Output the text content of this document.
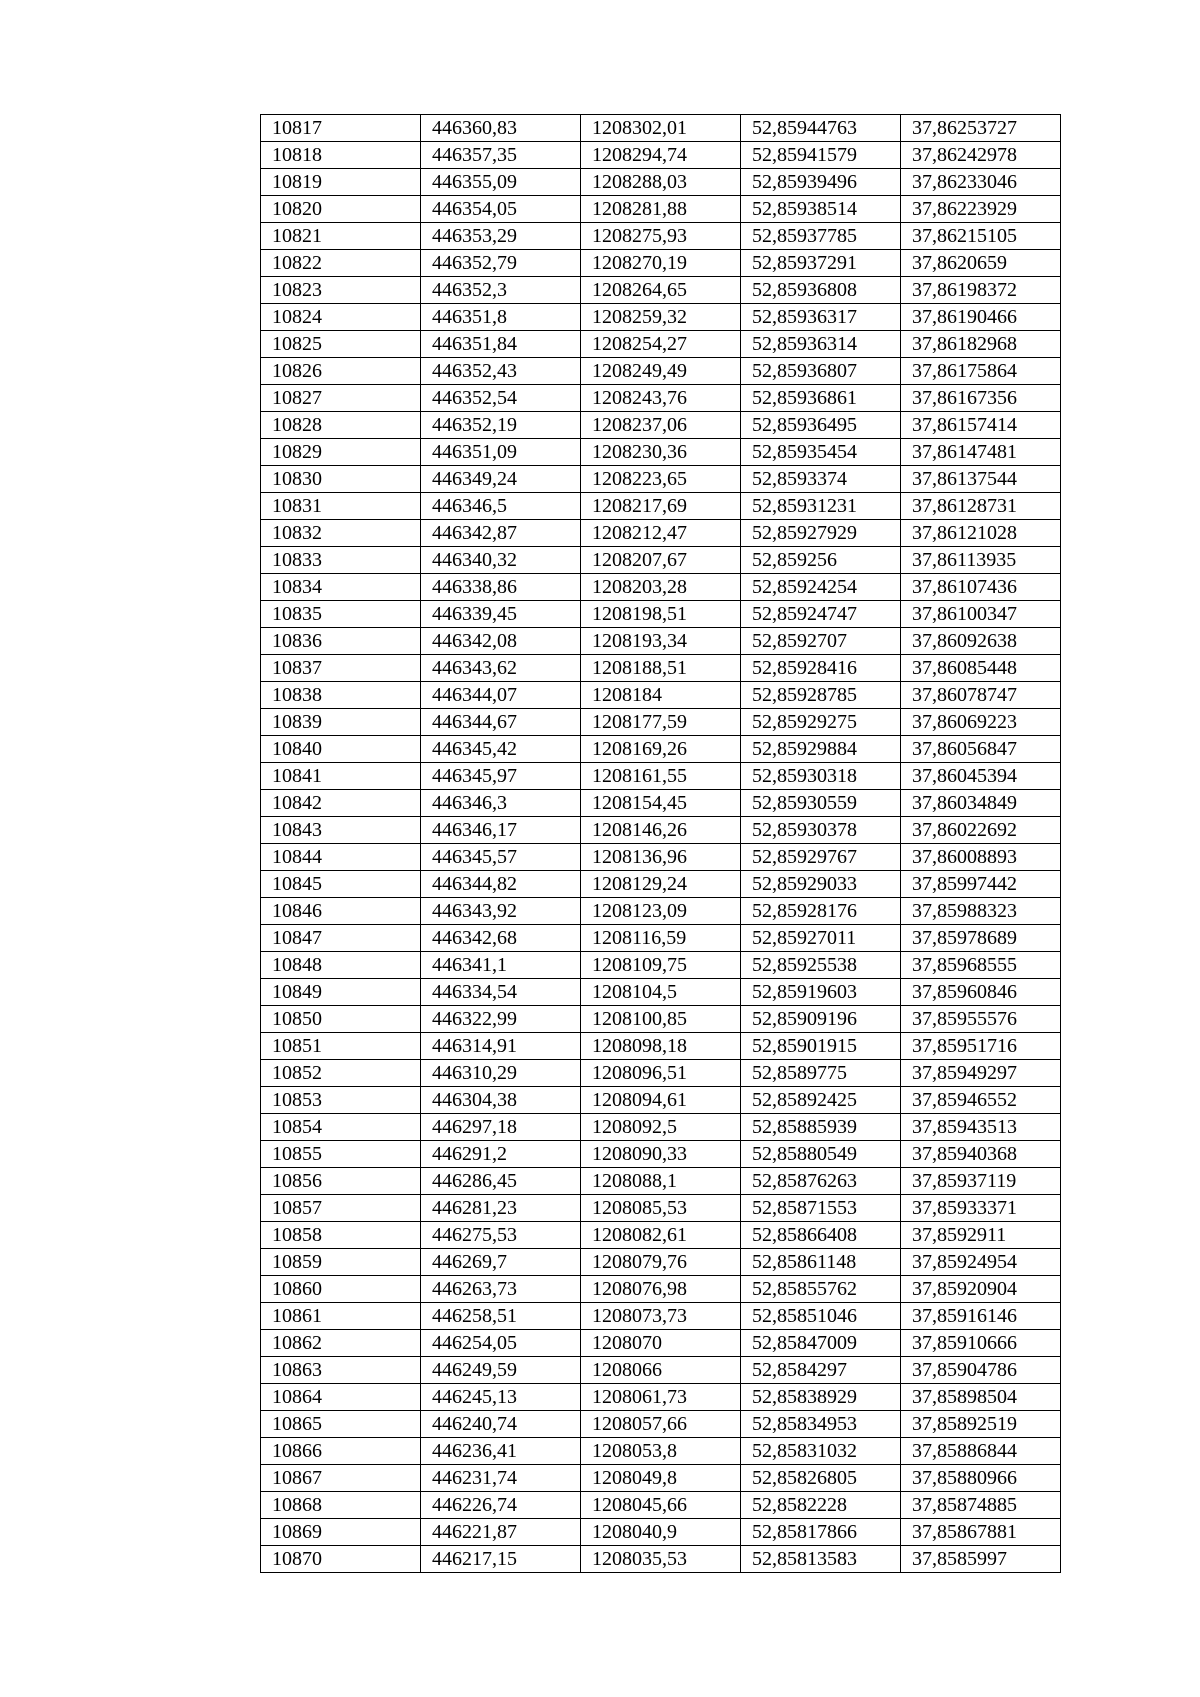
10817	446360,83	1208302,01	52,85944763	37,86253727
10818	446357,35	1208294,74	52,85941579	37,86242978
10819	446355,09	1208288,03	52,85939496	37,86233046
10820	446354,05	1208281,88	52,85938514	37,86223929
10821	446353,29	1208275,93	52,85937785	37,86215105
10822	446352,79	1208270,19	52,85937291	37,8620659
10823	446352,3	1208264,65	52,85936808	37,86198372
10824	446351,8	1208259,32	52,85936317	37,86190466
10825	446351,84	1208254,27	52,85936314	37,86182968
10826	446352,43	1208249,49	52,85936807	37,86175864
10827	446352,54	1208243,76	52,85936861	37,86167356
10828	446352,19	1208237,06	52,85936495	37,86157414
10829	446351,09	1208230,36	52,85935454	37,86147481
10830	446349,24	1208223,65	52,8593374	37,86137544
10831	446346,5	1208217,69	52,85931231	37,86128731
10832	446342,87	1208212,47	52,85927929	37,86121028
10833	446340,32	1208207,67	52,859256	37,86113935
10834	446338,86	1208203,28	52,85924254	37,86107436
10835	446339,45	1208198,51	52,85924747	37,86100347
10836	446342,08	1208193,34	52,8592707	37,86092638
10837	446343,62	1208188,51	52,85928416	37,86085448
10838	446344,07	1208184	52,85928785	37,86078747
10839	446344,67	1208177,59	52,85929275	37,86069223
10840	446345,42	1208169,26	52,85929884	37,86056847
10841	446345,97	1208161,55	52,85930318	37,86045394
10842	446346,3	1208154,45	52,85930559	37,86034849
10843	446346,17	1208146,26	52,85930378	37,86022692
10844	446345,57	1208136,96	52,85929767	37,86008893
10845	446344,82	1208129,24	52,85929033	37,85997442
10846	446343,92	1208123,09	52,85928176	37,85988323
10847	446342,68	1208116,59	52,85927011	37,85978689
10848	446341,1	1208109,75	52,85925538	37,85968555
10849	446334,54	1208104,5	52,85919603	37,85960846
10850	446322,99	1208100,85	52,85909196	37,85955576
10851	446314,91	1208098,18	52,85901915	37,85951716
10852	446310,29	1208096,51	52,8589775	37,85949297
10853	446304,38	1208094,61	52,85892425	37,85946552
10854	446297,18	1208092,5	52,85885939	37,85943513
10855	446291,2	1208090,33	52,85880549	37,85940368
10856	446286,45	1208088,1	52,85876263	37,85937119
10857	446281,23	1208085,53	52,85871553	37,85933371
10858	446275,53	1208082,61	52,85866408	37,8592911
10859	446269,7	1208079,76	52,85861148	37,85924954
10860	446263,73	1208076,98	52,85855762	37,85920904
10861	446258,51	1208073,73	52,85851046	37,85916146
10862	446254,05	1208070	52,85847009	37,85910666
10863	446249,59	1208066	52,8584297	37,85904786
10864	446245,13	1208061,73	52,85838929	37,85898504
10865	446240,74	1208057,66	52,85834953	37,85892519
10866	446236,41	1208053,8	52,85831032	37,85886844
10867	446231,74	1208049,8	52,85826805	37,85880966
10868	446226,74	1208045,66	52,8582228	37,85874885
10869	446221,87	1208040,9	52,85817866	37,85867881
10870	446217,15	1208035,53	52,85813583	37,8585997
